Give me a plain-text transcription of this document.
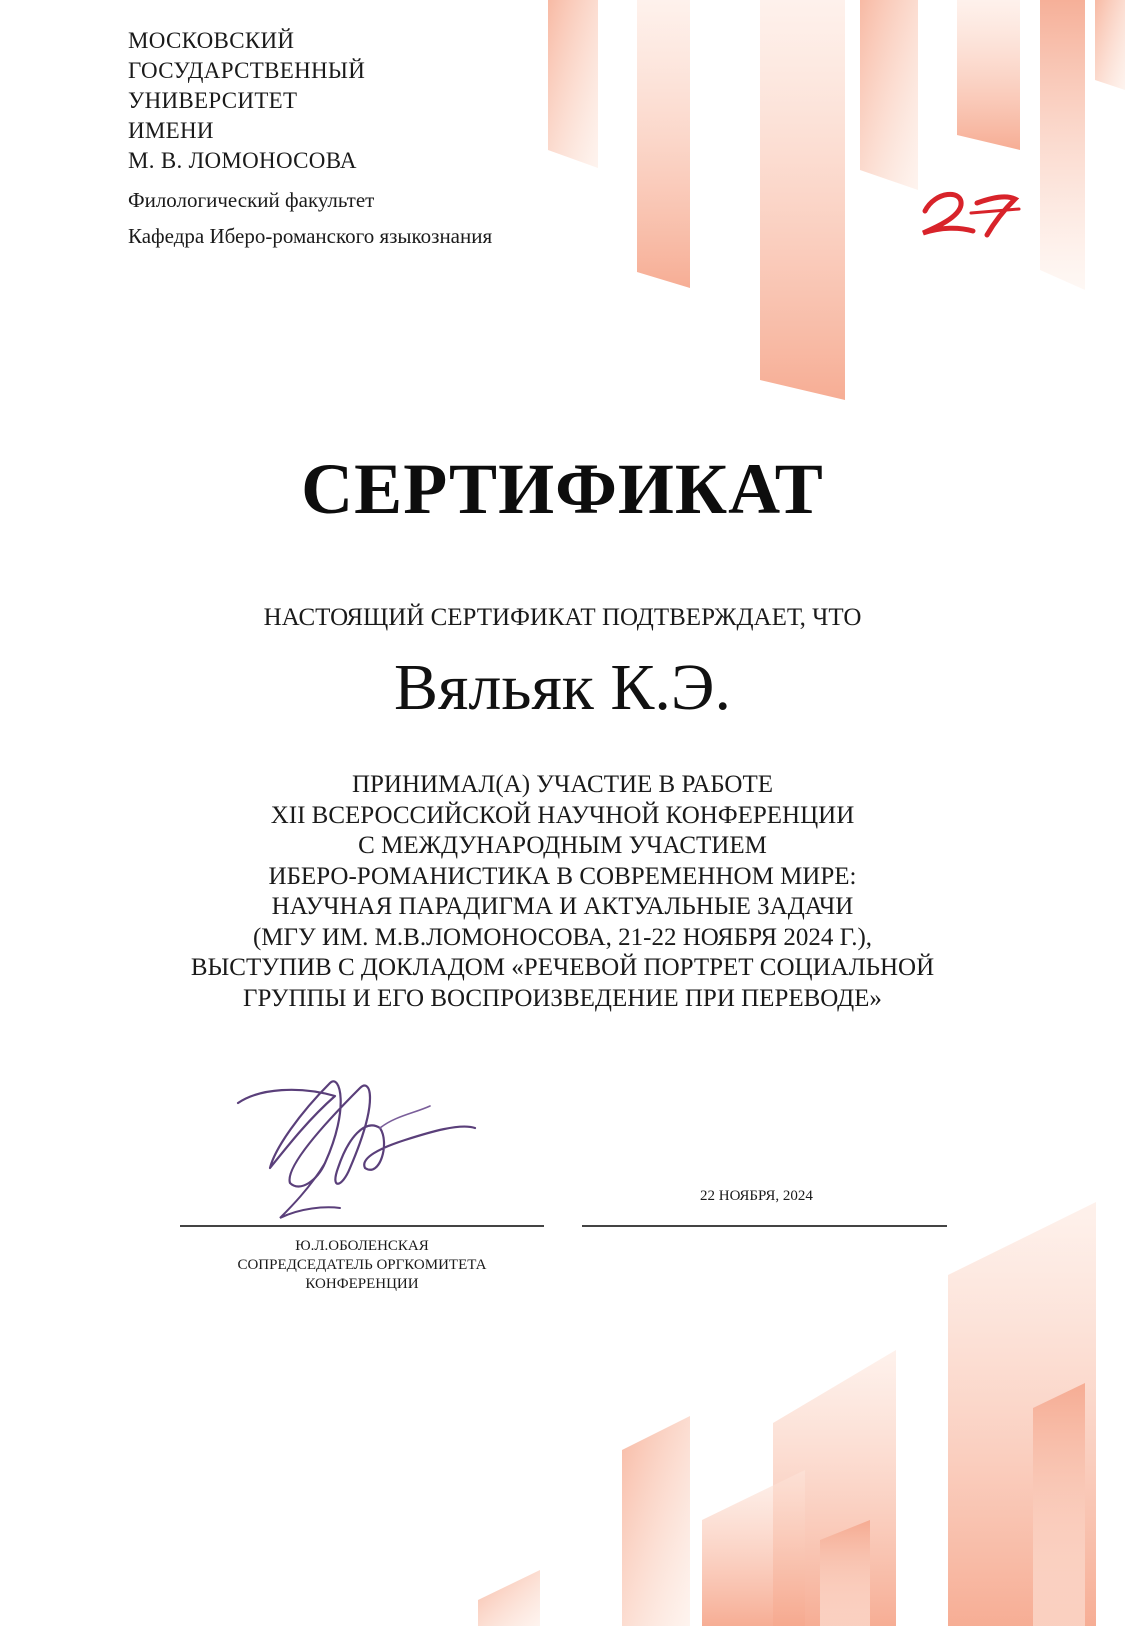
МОСКОВСКИЙ
ГОСУДАРСТВЕННЫЙ
УНИВЕРСИТЕТ
ИМЕНИ
М. В. ЛОМОНОСОВА
Филологический факультет
Кафедра Иберо-романского языкознания
СЕРТИФИКАТ
НАСТОЯЩИЙ СЕРТИФИКАТ ПОДТВЕРЖДАЕТ, ЧТО
Вяльяк К.Э.
ПРИНИМАЛ(А) УЧАСТИЕ В РАБОТЕ
XII ВСЕРОССИЙСКОЙ НАУЧНОЙ КОНФЕРЕНЦИИ
С МЕЖДУНАРОДНЫМ УЧАСТИЕМ
ИБЕРО-РОМАНИСТИКА В СОВРЕМЕННОМ МИРЕ:
НАУЧНАЯ ПАРАДИГМА И АКТУАЛЬНЫЕ ЗАДАЧИ
(МГУ ИМ. М.В.ЛОМОНОСОВА, 21-22 НОЯБРЯ 2024 Г.),
ВЫСТУПИВ С ДОКЛАДОМ «РЕЧЕВОЙ ПОРТРЕТ СОЦИАЛЬНОЙ
ГРУППЫ И ЕГО ВОСПРОИЗВЕДЕНИЕ ПРИ ПЕРЕВОДЕ»
22 НОЯБРЯ, 2024
Ю.Л.ОБОЛЕНСКАЯ
СОПРЕДСЕДАТЕЛЬ ОРГКОМИТЕТА
КОНФЕРЕНЦИИ
